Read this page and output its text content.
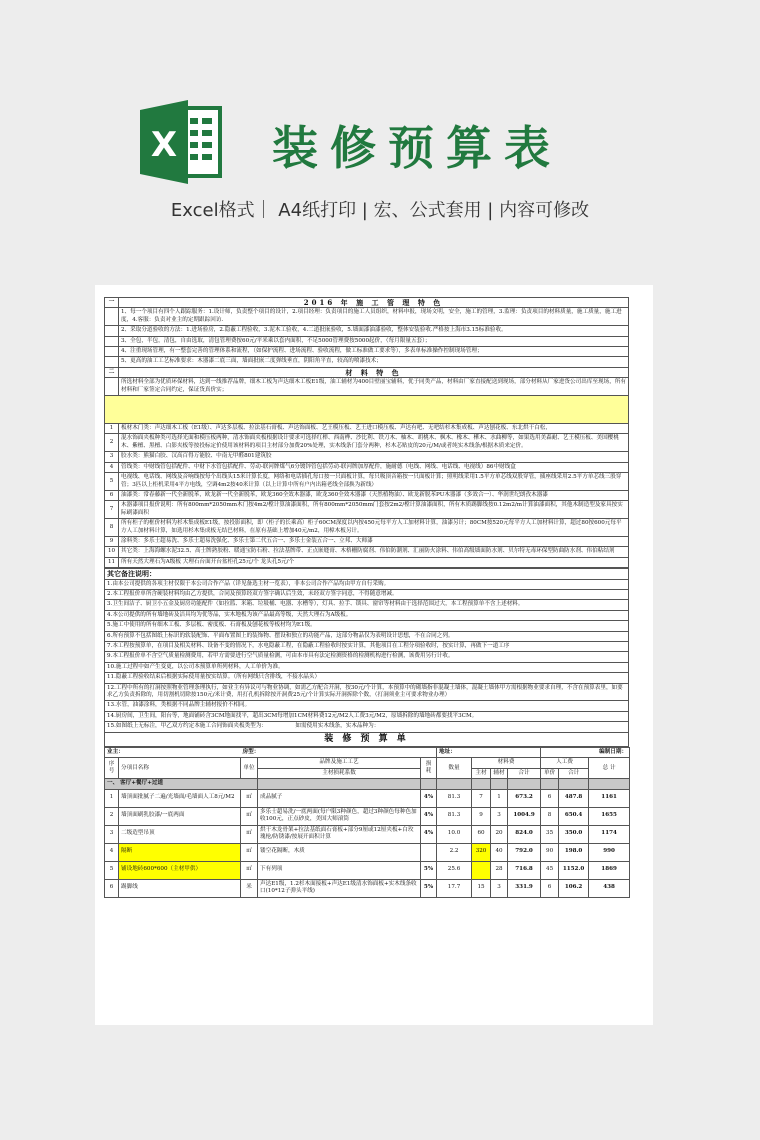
X 装修预算表
Excel格式｜ A4纸打印 | 宏、公式套用 | 内容可修改
一	2016 年 施 工 管 理 特 色
	1、每一个项目有四个人跟踪服务：1.设计师，负责整个项目的设计，2.项目经理：负责项目的施工人员组织，材料申报，现场文明，安全，施工的管理，3.监理：负责项目的材料质量，施工质量，施工进度，4.客服：负责对业主的定期跟踪回访.
	2、采取分道验收的方法：1.进场验房，2.隐蔽工程验收，3.泥木工验收，4.二道批嵌验收，5.墙面漆油漆验收，整体安装验收.严格按上海市3.15标准验收。
	3、全包，半包，清包，自由选取，清包管理费按60元/平米乘以套内面积，不足5000管理费按5000起价，（每月限量五套）；
	4、注重现场管理，有一整套完善的管理体系和流程，（如保护流程、进场流程、验收流程，做工标准做工要求等），多表单标准操作控制现场管理；
	5、更高的油工工艺标准要求：木器漆二底三面，墙面批嵌二度弹线垂直，阴阳角平直，较高的喷漆技术；
二	材 料 特 色
	所选材料全部为优质环保材料，达到一线推荐品牌，细木工板为声达细木工板E1级，油工辅材为400目壁丽宝辅料，优于同类产品，材料由厂家直接配送到现场，部分材料从厂家进货公司出库至现场，所有材料和厂家签定合同约定，保证货真价实；

1	板材木门类：声达细木工板（E1级）、声达多层板、拉法基石膏板、声达饰面板、艺王模压板、艺王进口模压板、声达有吧、无吧结杉木集成板、声达刨花板、东北烘干白松，
2	混水饰面夹板种类可选择光面和模压板两种，清水饰面夹板根据设计要求可选择红榉、西南桦、沙比利、铁刀木、柚木、胡桃木、枫木、橡木、樺木、水曲柳等，如果选用美森耐、艺王模压板、美国樱桃木、紫檀、黑檀、白影夹板等按投标定价使用该材料的项目主材部分加费20%处理，实木线条门套分两种，杉木芯贴皮的20元/M/或者纯实木线条/根据木质来定价。
3	胶水类：熊猫白胶、汉高百得万能胶、中南无甲醛801建筑胶
4	管线类：中财线管包括配件、中财下水管包括配件、劳动-联河牌煤气6分镀锌管包括劳动-联河牌加厚配件，施耐德（电线、网线、电话线、电视线）86中财线盒
5	电视线、电话线、网线及音响线按每个出线头15米计算长度，网络和电话插孔每口按一只面板计算，每只吸顶音箱按一只面板计算；照明线采用1.5平方单芯线双股穿管，插座线采用2.5平方单芯线三股穿管；3匹以上柜机采用4平方电线，空调4m2按40米计算（以上计算中所有户内出箱老线全部换为新线）
6	油漆类：常春藤新一代全新脱苯，欧龙新一代全新脱苯，欧龙360全效木器漆，欧龙360全效木器漆（天然植物油）、欧龙新脱苯PU木器漆（多效合一）、华润世纪朗孜木器漆
7	木器漆项目报价说明：所有800mm*2050mm木门按4m2/樘计算油漆面积，所有800mm*2050mm门套按2m2/樘计算油漆面积，所有木质踢脚线按0.12m2/m计算油漆面积，其他木制造型及家具按实际刷漆面积
8	所有柜子的框价材料为杉木集成板E1级，按投影面积，即（柜子的长乘高）柜子60CM深度以内按450元每平方人工加材料计算，油漆另计；80CM按520元每平方人工加材料计算，超过80按600元每平方人工加材料计算，如选用杉木集成板无结巴材料，在原有基础上增加40元/m2，用樟木板另计。
9	涂料类：多乐士超易洗、多乐士超易洗强化、多乐士第二代五合一、多乐士金装五合一、立邦、大师漆
10	其它类：上海海螺水泥32.5、高士牌熟胶粉、暖通宝防石粉、拉法基牌带、正点嵌缝膏、木格栅防腐剂、伟伯防潮剂、汇丽防火涂料、伟伯高级墙面防水剂、贝尔特无毒环保型防曲防水剂、伟伯粘结剂
11	所有天然大理石为A级板 大理石台面开台盆柜孔25元/个 龙头孔5元/个
其它备注说明：
1.由本公司提供的各项主材仅限于本公司合作产品（详见备选主材一览表），非本公司合作产品均由甲方自行采购。
2.本工程报价单所含硬装材料均由乙方提供，合同及预算经双方签字确认后生效，未经双方签字同意，不得随意增减。
3.卫生间洁子、厨卫小五金及厨房功能配件（如拉篮、米箱、垃圾桶、电器、水槽等），灯具、拉手、锁具、窗帘等材料由于选择范围过大，本工程预算单不含上述材料。
4.本公司提供的所有墙地砖及洁具均为优等品，实木地板为该产品最高等级，天然大理石为A级板。
5.施工中使用的所有细木工板、多层板、密度板、石膏板及刨花板等板材均为E1级。
6.所有预算不包括图纸上标识的软装配饰、平面布置图上的装饰物、摆设和独立的功能产品，这部分物品仅为表明设计思想，不在合同之列。
7.本工程按预算单，在项目及相关材料、设备不变的情况下，水电隐蔽工程，在隐蔽工程验收时按实计算，其他项目在工程分项验收时，按实计算，再做下一道工序
9.本工程报价单不含空气质量检测费用，若甲方需要进行空气质量检测，可由本市具有法定检测资格的检测机构进行检测，该费用另行计收。
10.施工过程中如产生变更，以公司本预算单所列材料，人工单价为准。
11.隐蔽工程验收结束后根据实际使用量按实结算。（所有网线只含排线，不接水晶头）
12.工程中所有的打洞按照物业管理条理执行，如业主有异议可与物业协调，如需乙方配合开洞，按30元/个计算，本预算中的砌墙指非混凝土墙体，混凝土墙体甲方需根据物业要求自理，不含在预算表里，如要求乙方负责拆除的，用切割机切除按150元/米计费，用打孔机拆除按开洞费25元/个计算实际开洞拆除个数，（打洞须业主可要求物业办理）
13.水管，油漆涂料，类根据不同品牌主辅材报价不相同。
14.厨房间，卫生间，阳台等，地面铺砖含3CM地面找平，超出3CM每增加1CM材料费12元/M2人工费3元/M2，原墙拆除的墙地砖都要找平3CM。
15.如图纸上无标注，甲乙双方约定本施工合同饰面夹板类型为：                如需使用实木线条，实木品种为：
装 修 预 算 单
业主：		房型：			地址：				编制日期：		
序号	分项目名称	单位	品牌及施工工艺	损耗	数量	材料费			人工费		总 计
			主材损耗系数			主材	辅材	合计	单价	合计	
一、 客厅+餐厅+过道											
1	墙顶面批腻子二遍/光墙面/毛墙面人工8元/M2	㎡	成品腻子	4%	81.3	7	1	673.2	6	487.8	1161
2	墙顶面刷乳胶漆/一底两面	㎡	多乐士超易洗/一底两面(每户限3种颜色，超过3种颜色每种色加收100元，正点砂皮，美国大师滚筒	4%	81.3	9	3	1004.9	8	650.4	1655
3	二级造型吊顶	㎡	烘干木龙骨架+拉法基纸面石膏板+部分9厘或12厘夹板+白玫瑰枪/防锈漆/按展开面积计算	4%	10.0	60	20	824.0	35	350.0	1174
4	隔断	㎡	镂空花隔断，木质		2.2	320	40	792.0	90	198.0	990
5	铺设地砖600*600（主材甲供）	㎡	下有列项	5%	25.6		28	716.8	45	1152.0	1869
6	踢脚线	米	声达E1级，1.2杉木面接板+声达E1级清水饰面板+实木线条收口(10*12子弹头平线)	5%	17.7	15	3	331.9	6	106.2	438
